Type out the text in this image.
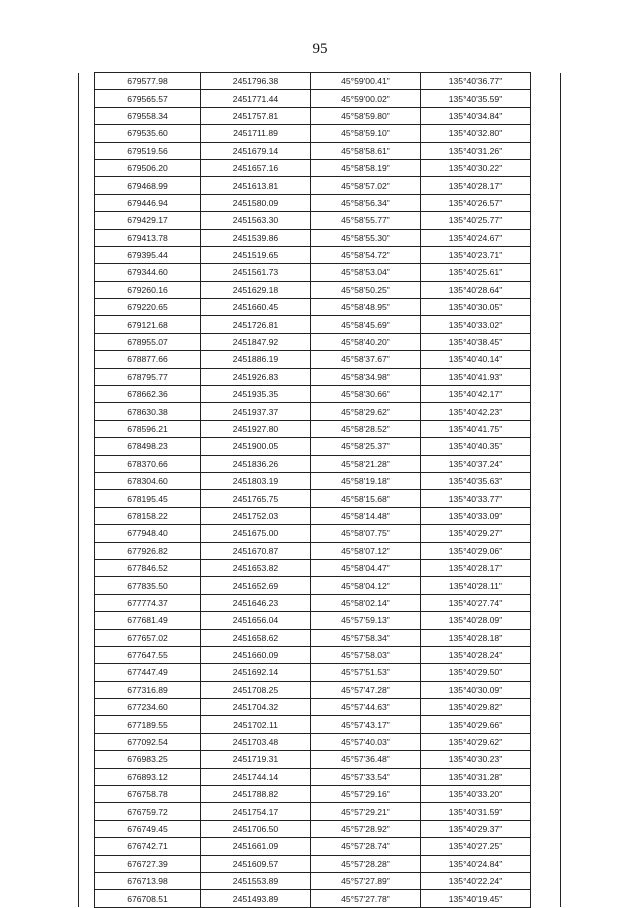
95
	679577.98	2451796.38	45°59'00.41"	135°40'36.77"	
	679565.57	2451771.44	45°59'00.02"	135°40'35.59"	
	679558.34	2451757.81	45°58'59.80"	135°40'34.84"	
	679535.60	2451711.89	45°58'59.10"	135°40'32.80"	
	679519.56	2451679.14	45°58'58.61"	135°40'31.26"	
	679506.20	2451657.16	45°58'58.19"	135°40'30.22"	
	679468.99	2451613.81	45°58'57.02"	135°40'28.17"	
	679446.94	2451580.09	45°58'56.34"	135°40'26.57"	
	679429.17	2451563.30	45°58'55.77"	135°40'25.77"	
	679413.78	2451539.86	45°58'55.30"	135°40'24.67"	
	679395.44	2451519.65	45°58'54.72"	135°40'23.71"	
	679344.60	2451561.73	45°58'53.04"	135°40'25.61"	
	679260.16	2451629.18	45°58'50.25"	135°40'28.64"	
	679220.65	2451660.45	45°58'48.95"	135°40'30.05"	
	679121.68	2451726.81	45°58'45.69"	135°40'33.02"	
	678955.07	2451847.92	45°58'40.20"	135°40'38.45"	
	678877.66	2451886.19	45°58'37.67"	135°40'40.14"	
	678795.77	2451926.83	45°58'34.98"	135°40'41.93"	
	678662.36	2451935.35	45°58'30.66"	135°40'42.17"	
	678630.38	2451937.37	45°58'29.62"	135°40'42.23"	
	678596.21	2451927.80	45°58'28.52"	135°40'41.75"	
	678498.23	2451900.05	45°58'25.37"	135°40'40.35"	
	678370.66	2451836.26	45°58'21.28"	135°40'37.24"	
	678304.60	2451803.19	45°58'19.18"	135°40'35.63"	
	678195.45	2451765.75	45°58'15.68"	135°40'33.77"	
	678158.22	2451752.03	45°58'14.48"	135°40'33.09"	
	677948.40	2451675.00	45°58'07.75"	135°40'29.27"	
	677926.82	2451670.87	45°58'07.12"	135°40'29.06"	
	677846.52	2451653.82	45°58'04.47"	135°40'28.17"	
	677835.50	2451652.69	45°58'04.12"	135°40'28.11"	
	677774.37	2451646.23	45°58'02.14"	135°40'27.74"	
	677681.49	2451656.04	45°57'59.13"	135°40'28.09"	
	677657.02	2451658.62	45°57'58.34"	135°40'28.18"	
	677647.55	2451660.09	45°57'58.03"	135°40'28.24"	
	677447.49	2451692.14	45°57'51.53"	135°40'29.50"	
	677316.89	2451708.25	45°57'47.28"	135°40'30.09"	
	677234.60	2451704.32	45°57'44.63"	135°40'29.82"	
	677189.55	2451702.11	45°57'43.17"	135°40'29.66"	
	677092.54	2451703.48	45°57'40.03"	135°40'29.62"	
	676983.25	2451719.31	45°57'36.48"	135°40'30.23"	
	676893.12	2451744.14	45°57'33.54"	135°40'31.28"	
	676758.78	2451788.82	45°57'29.16"	135°40'33.20"	
	676759.72	2451754.17	45°57'29.21"	135°40'31.59"	
	676749.45	2451706.50	45°57'28.92"	135°40'29.37"	
	676742.71	2451661.09	45°57'28.74"	135°40'27.25"	
	676727.39	2451609.57	45°57'28.28"	135°40'24.84"	
	676713.98	2451553.89	45°57'27.89"	135°40'22.24"	
	676708.51	2451493.89	45°57'27.78"	135°40'19.45"	
